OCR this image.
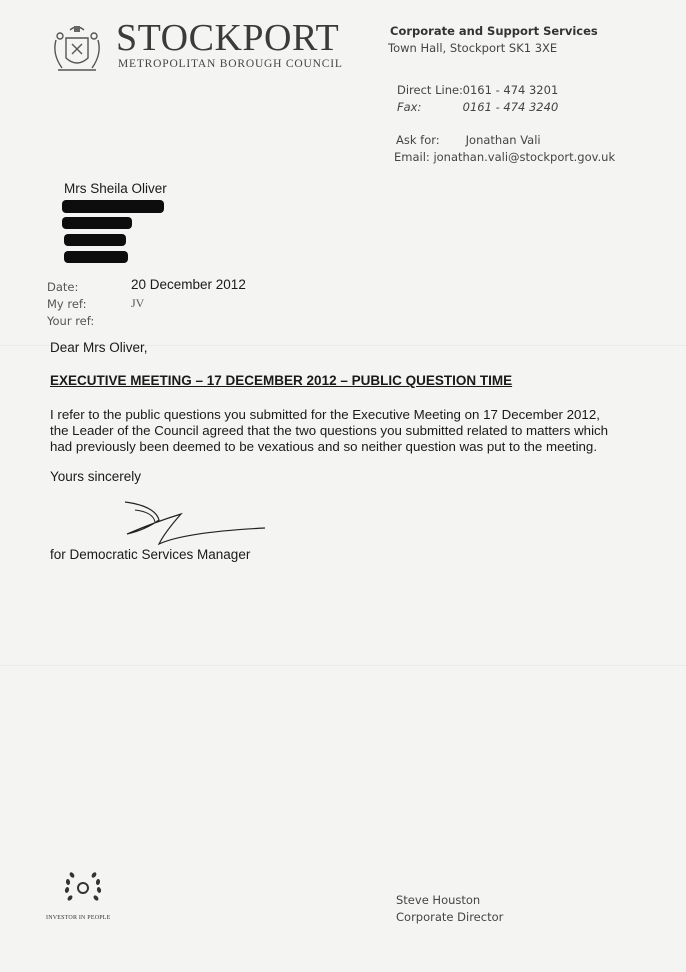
STOCKPORT
METROPOLITAN BOROUGH COUNCIL
Corporate and Support Services
Town Hall, Stockport SK1 3XE
Direct Line: 0161 - 474 3201
Fax:	0161 - 474 3240
Ask for: Jonathan Vali
Email: jonathan.vali@stockport.gov.uk
Mrs Sheila Oliver
Date:	20 December 2012
My ref:	JV
Your ref:
Dear Mrs Oliver,
EXECUTIVE MEETING – 17 DECEMBER 2012 – PUBLIC QUESTION TIME
I refer to the public questions you submitted for the Executive Meeting on 17 December 2012,
the Leader of the Council agreed that the two questions you submitted related to matters which
had previously been deemed to be vexatious and so neither question was put to the meeting.
Yours sincerely
for Democratic Services Manager
INVESTOR IN PEOPLE
Steve Houston
Corporate Director
